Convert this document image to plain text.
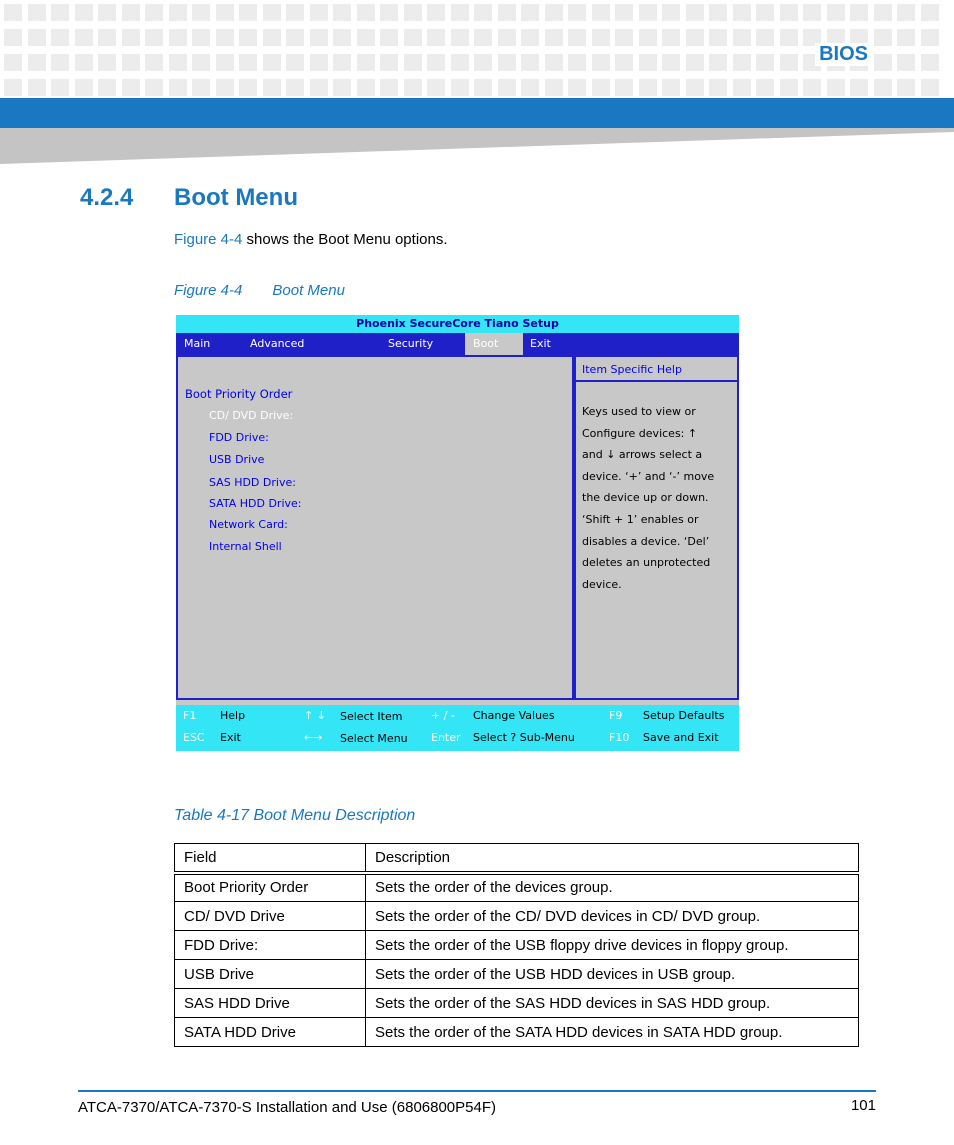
BIOS
4.2.4 Boot Menu
Figure 4-4 shows the Boot Menu options.
Figure 4-4 Boot Menu
Phoenix SecureCore Tiano Setup
Main	Advanced	Security	Boot	Exit
Boot Priority Order
CD/ DVD Drive:
FDD Drive:
USB Drive
SAS HDD Drive:
SATA HDD Drive:
Network Card:
Internal Shell
Item Specific Help
Keys used to view or
Configure devices: ↑
and ↓ arrows select a
device. ‘+’ and ‘-’ move
the device up or down.
‘Shift + 1’ enables or
disables a device. ‘Del’
deletes an unprotected
device.
F1 Help	↑ ↓ Select Item	+ / - Change Values	F9 Setup Defaults
ESC Exit	←→ Select Menu Enter Select ? Sub-Menu	F10 Save and Exit
Table 4-17 Boot Menu Description
Field	Description
Boot Priority Order	Sets the order of the devices group.
CD/ DVD Drive	Sets the order of the CD/ DVD devices in CD/ DVD group.
FDD Drive:	Sets the order of the USB floppy drive devices in floppy group.
USB Drive	Sets the order of the USB HDD devices in USB group.
SAS HDD Drive	Sets the order of the SAS HDD devices in SAS HDD group.
SATA HDD Drive	Sets the order of the SATA HDD devices in SATA HDD group.
ATCA-7370/ATCA-7370-S Installation and Use (6806800P54F)	101
